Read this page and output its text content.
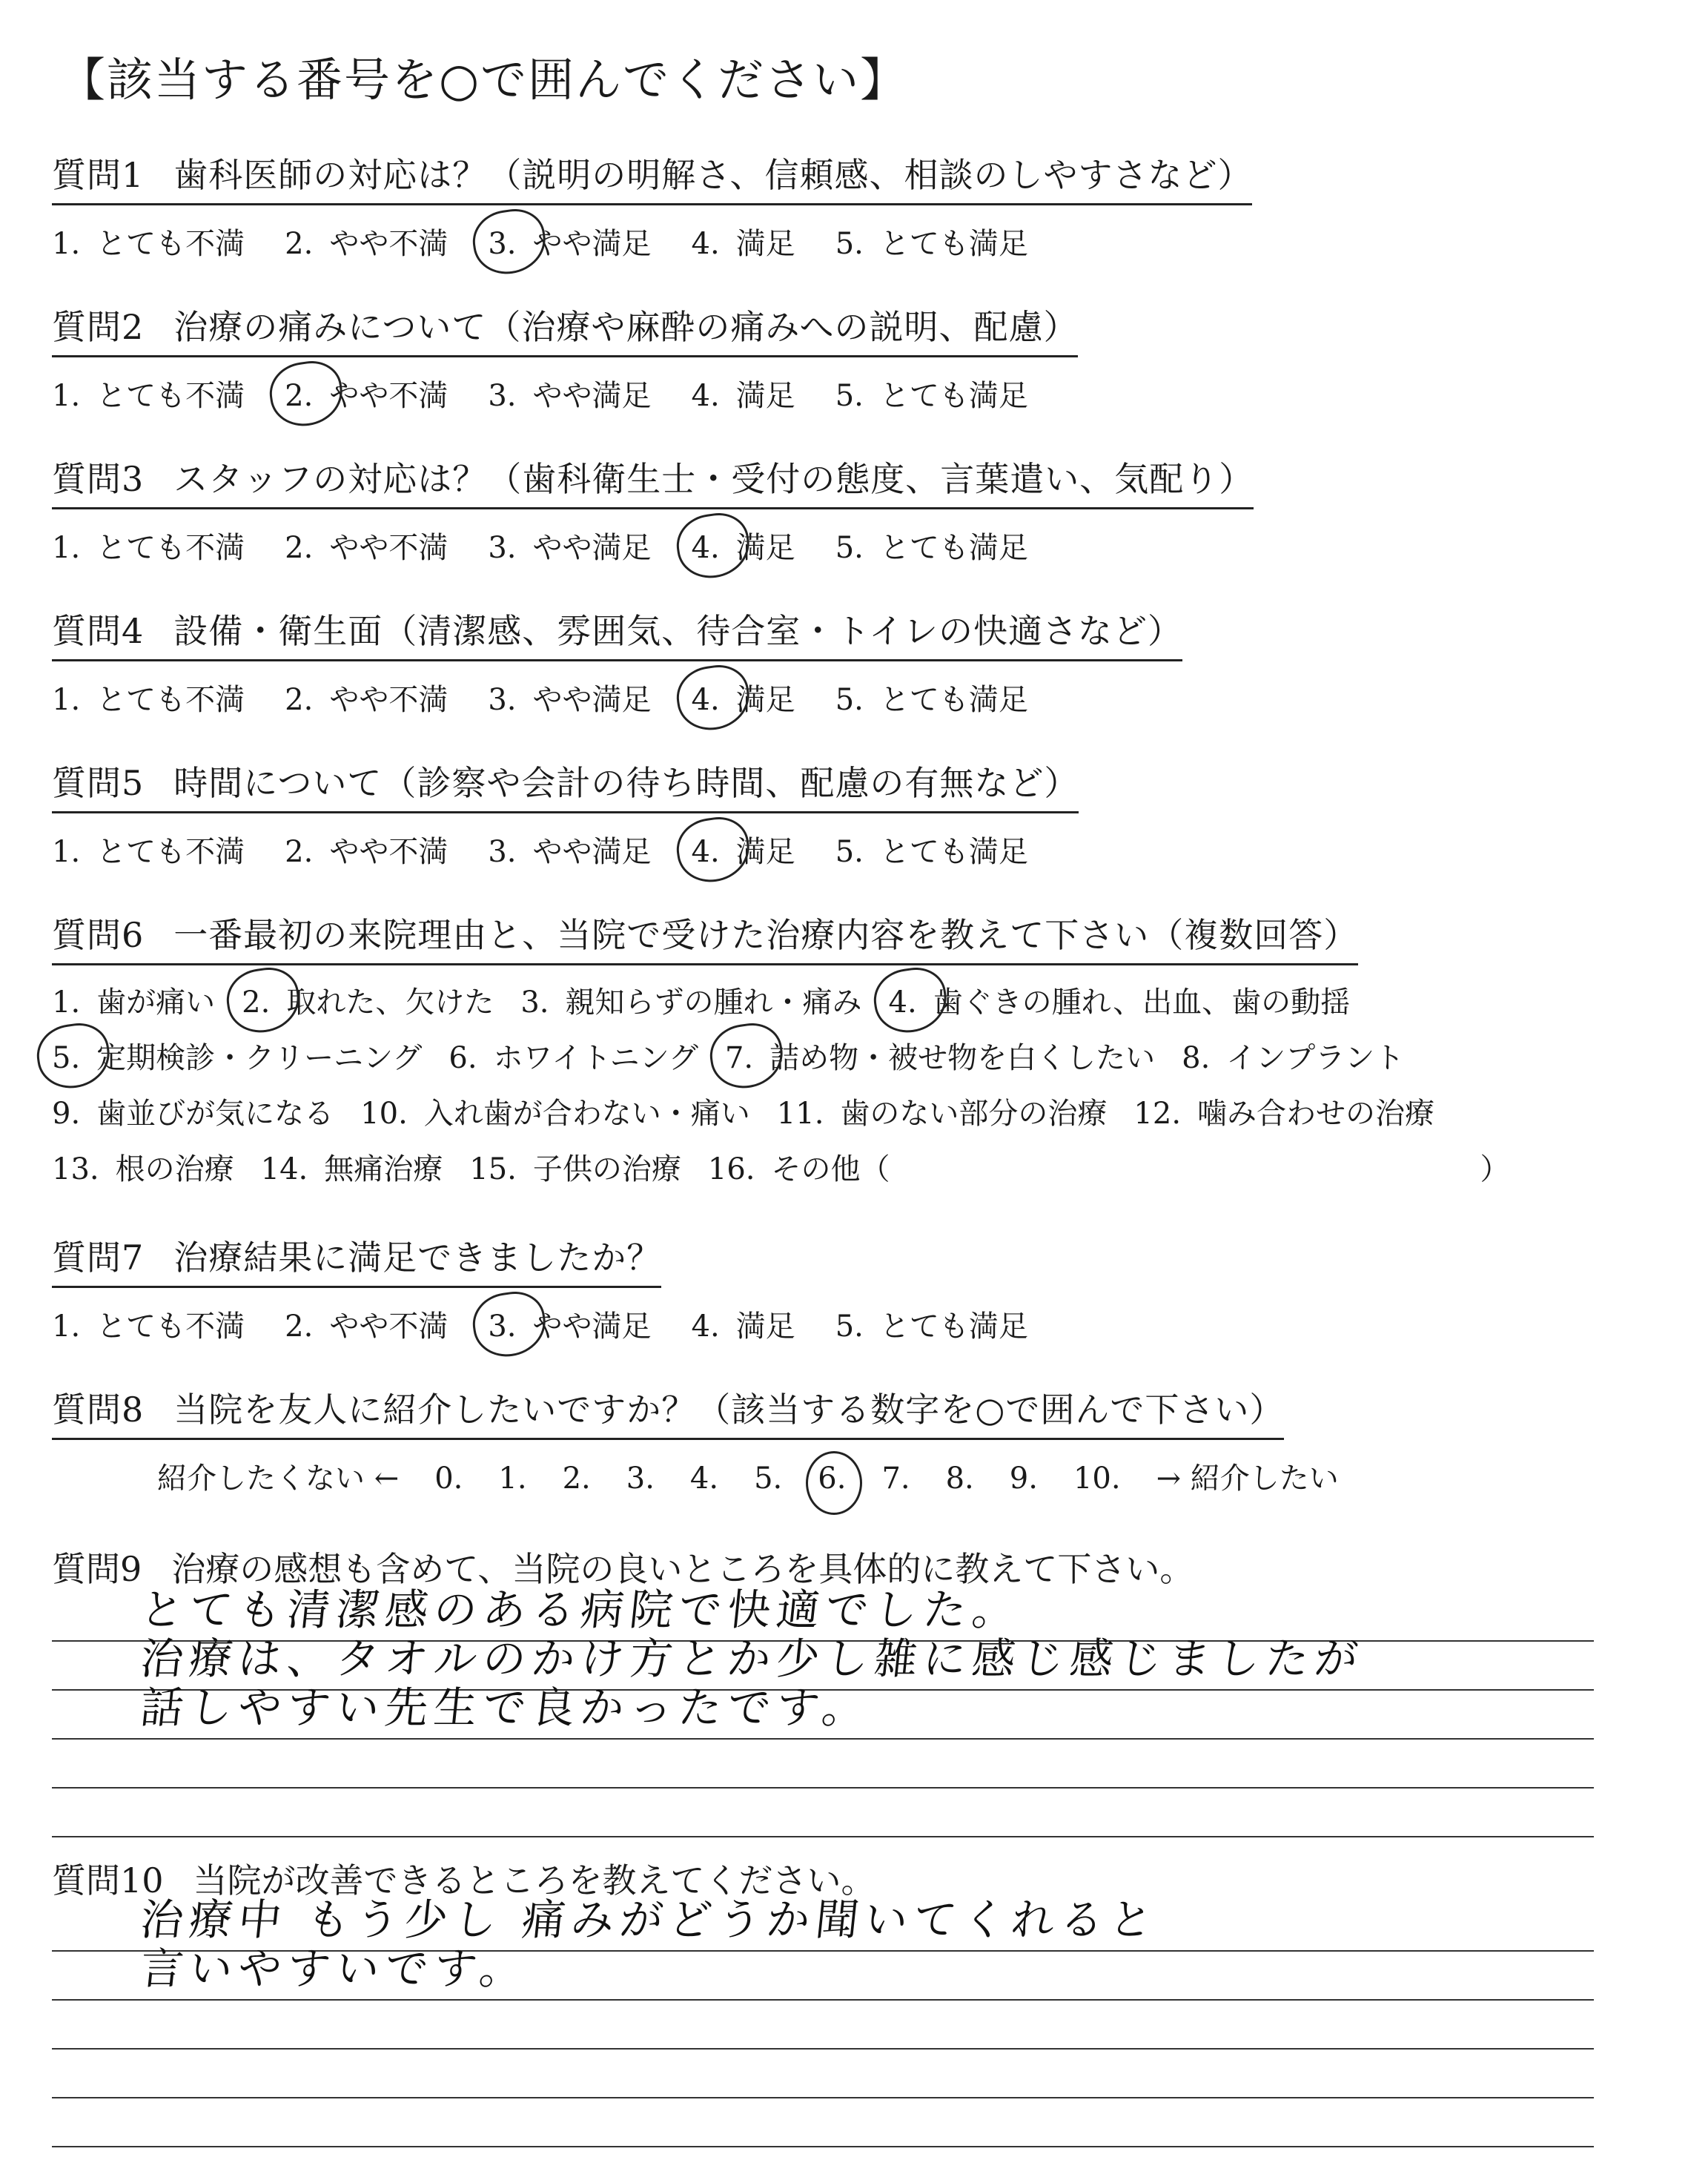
【該当する番号を○で囲んでください】
質問1 歯科医師の対応は？（説明の明解さ、信頼感、相談のしやすさなど）
1. とても不満 2. やや不満 3. やや満足 4. 満足 5. とても満足
質問2 治療の痛みについて（治療や麻酔の痛みへの説明、配慮）
1. とても不満 2. やや不満 3. やや満足 4. 満足 5. とても満足
質問3 スタッフの対応は？（歯科衛生士・受付の態度、言葉遣い、気配り）
1. とても不満 2. やや不満 3. やや満足 4. 満足 5. とても満足
質問4 設備・衛生面（清潔感、雰囲気、待合室・トイレの快適さなど）
1. とても不満 2. やや不満 3. やや満足 4. 満足 5. とても満足
質問5 時間について（診察や会計の待ち時間、配慮の有無など）
1. とても不満 2. やや不満 3. やや満足 4. 満足 5. とても満足
質問6 一番最初の来院理由と、当院で受けた治療内容を教えて下さい（複数回答）
1. 歯が痛い 2. 取れた、欠けた 3. 親知らずの腫れ・痛み 4. 歯ぐきの腫れ、出血、歯の動揺
5. 定期検診・クリーニング 6. ホワイトニング 7. 詰め物・被せ物を白くしたい 8. インプラント
9. 歯並びが気になる 10. 入れ歯が合わない・痛い 11. 歯のない部分の治療 12. 噛み合わせの治療
13. 根の治療 14. 無痛治療 15. 子供の治療 16. その他（	）
質問7 治療結果に満足できましたか？
1. とても不満 2. やや不満 3. やや満足 4. 満足 5. とても満足
質問8 当院を友人に紹介したいですか？（該当する数字を○で囲んで下さい）
紹介したくない ← 0. 1. 2. 3. 4. 5. 6. 7. 8. 9. 10. → 紹介したい
質問9 治療の感想も含めて、当院の良いところを具体的に教えて下さい。
とても清潔感のある病院で快適でした。
治療は、タオルのかけ方とか少し雑に感じ感じましたが
話しやすい先生で良かったです。
質問10 当院が改善できるところを教えてください。
治療中 もう少し 痛みがどうか聞いてくれると
言いやすいです。
